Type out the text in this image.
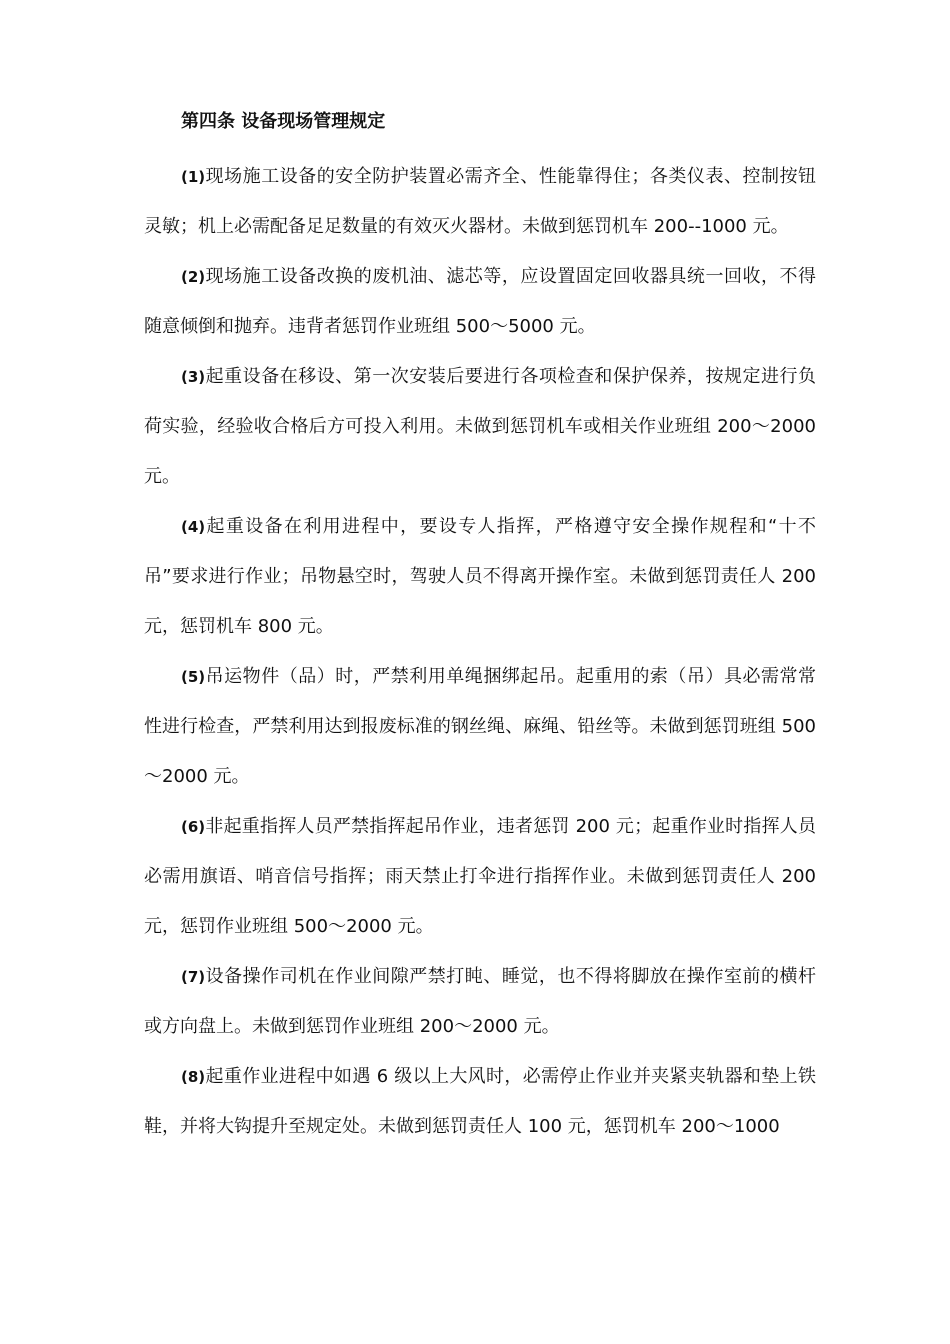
第四条 设备现场管理规定

(1)现场施工设备的安全防护装置必需齐全、性能靠得住；各类仪表、控制按钮灵敏；机上必需配备足足数量的有效灭火器材。未做到惩罚机车 200--1000 元。

(2)现场施工设备改换的废机油、滤芯等，应设置固定回收器具统一回收，不得随意倾倒和抛弃。违背者惩罚作业班组 500～5000 元。

(3)起重设备在移设、第一次安装后要进行各项检查和保护保养，按规定进行负荷实验，经验收合格后方可投入利用。未做到惩罚机车或相关作业班组 200～2000 元。

(4)起重设备在利用进程中，要设专人指挥，严格遵守安全操作规程和“十不吊”要求进行作业；吊物悬空时，驾驶人员不得离开操作室。未做到惩罚责任人 200 元，惩罚机车 800 元。

(5)吊运物件（品）时，严禁利用单绳捆绑起吊。起重用的索（吊）具必需常常性进行检查，严禁利用达到报废标准的钢丝绳、麻绳、铅丝等。未做到惩罚班组 500～2000 元。

(6)非起重指挥人员严禁指挥起吊作业，违者惩罚 200 元；起重作业时指挥人员必需用旗语、哨音信号指挥；雨天禁止打伞进行指挥作业。未做到惩罚责任人 200 元，惩罚作业班组 500～2000 元。

(7)设备操作司机在作业间隙严禁打盹、睡觉，也不得将脚放在操作室前的横杆或方向盘上。未做到惩罚作业班组 200～2000 元。

(8)起重作业进程中如遇 6 级以上大风时，必需停止作业并夹紧夹轨器和垫上铁鞋，并将大钩提升至规定处。未做到惩罚责任人 100 元，惩罚机车 200～1000
